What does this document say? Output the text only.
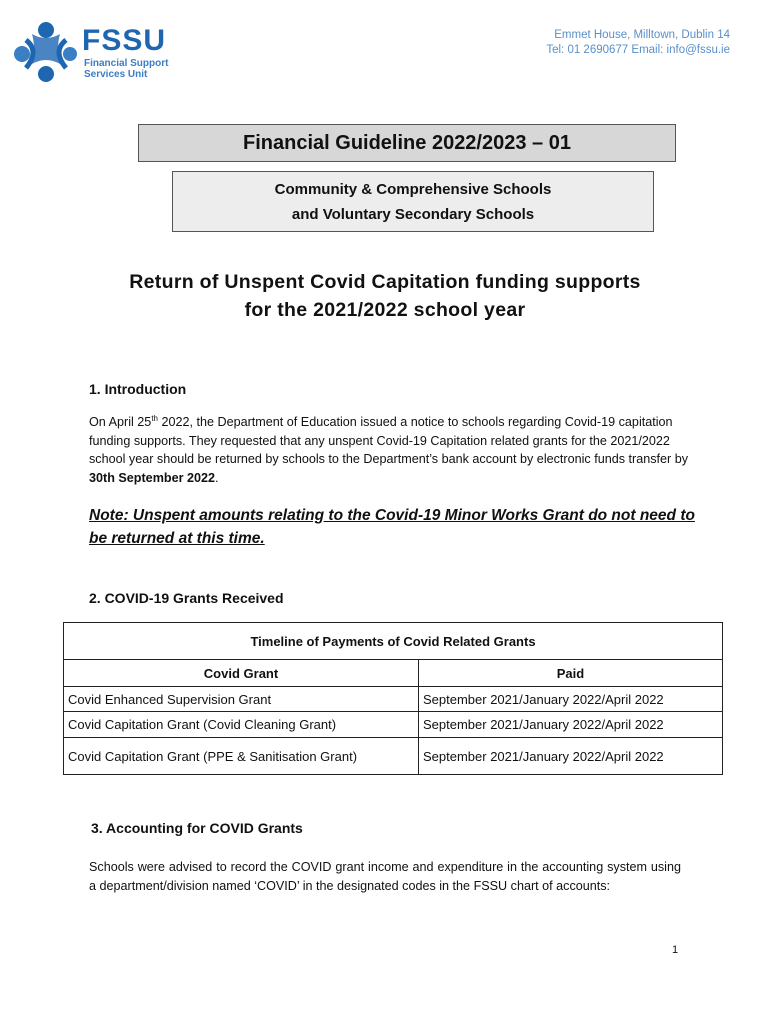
FSSU
Financial Support
Services Unit
Emmet House, Milltown, Dublin 14
Tel: 01 2690677 Email: info@fssu.ie
Financial Guideline 2022/2023 – 01
Community & Comprehensive Schools
and Voluntary Secondary Schools
Return of Unspent Covid Capitation funding supports
for the 2021/2022 school year
1. Introduction
On April 25th 2022, the Department of Education issued a notice to schools regarding Covid-19 capitation funding supports. They requested that any unspent Covid-19 Capitation related grants for the 2021/2022 school year should be returned by schools to the Department’s bank account by electronic funds transfer by 30th September 2022.
Note: Unspent amounts relating to the Covid-19 Minor Works Grant do not need to be returned at this time.
2. COVID-19 Grants Received
Timeline of Payments of Covid Related Grants	
Covid Grant	Paid
Covid Enhanced Supervision Grant	September 2021/January 2022/April 2022
Covid Capitation Grant (Covid Cleaning Grant)	September 2021/January 2022/April 2022
Covid Capitation Grant (PPE & Sanitisation Grant)	September 2021/January 2022/April 2022
3. Accounting for COVID Grants
Schools were advised to record the COVID grant income and expenditure in the accounting system using a department/division named ‘COVID’ in the designated codes in the FSSU chart of accounts:
1
